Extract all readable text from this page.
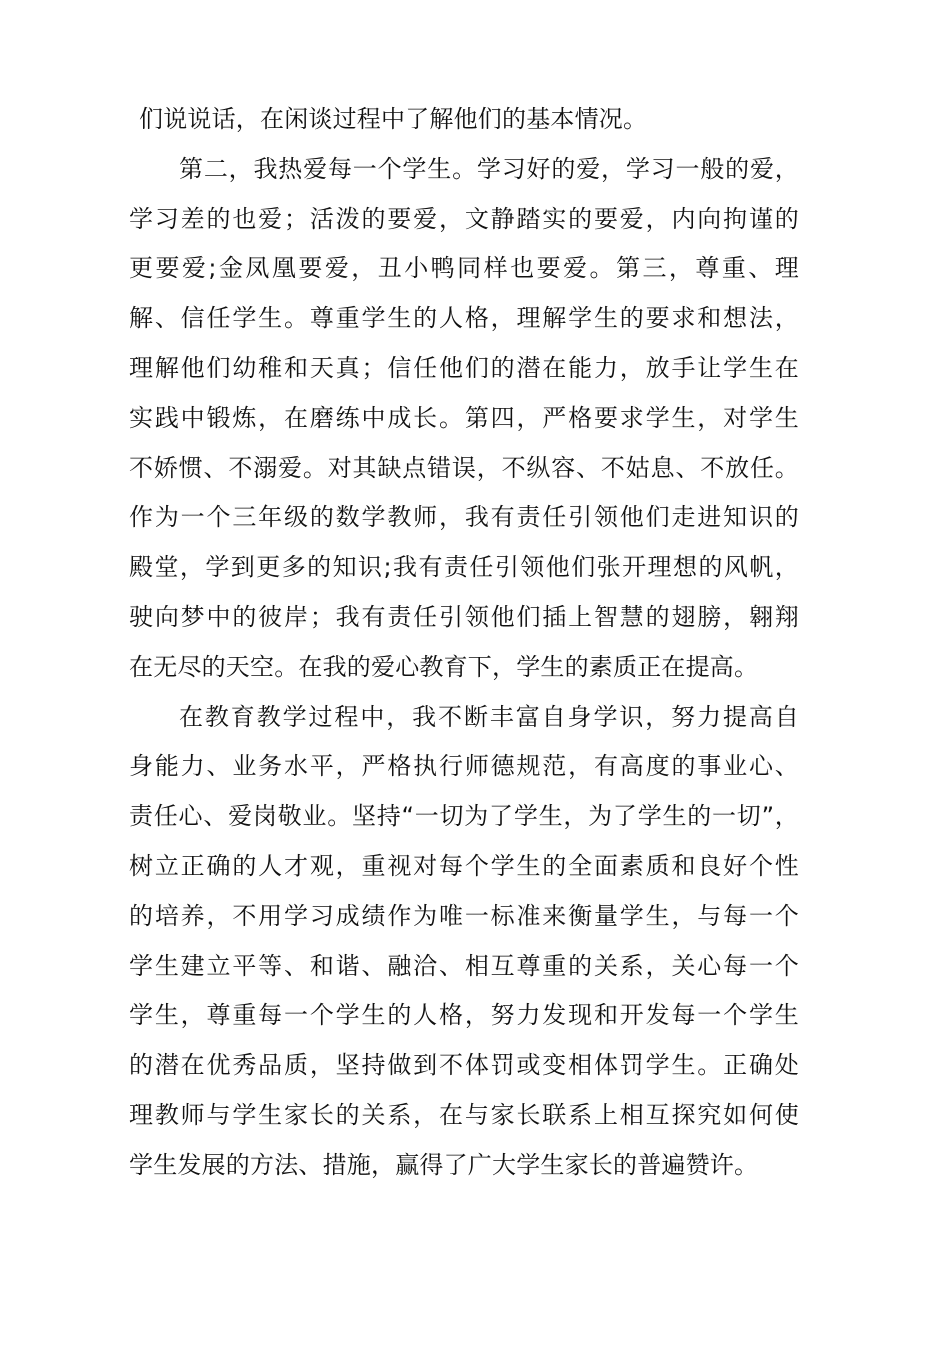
们说说话，在闲谈过程中了解他们的基本情况。
第二，我热爱每一个学生。学习好的爱，学习一般的爱，
学习差的也爱；活泼的要爱，文静踏实的要爱，内向拘谨的
更要爱;金凤凰要爱，丑小鸭同样也要爱。第三，尊重、理
解、信任学生。尊重学生的人格，理解学生的要求和想法，
理解他们幼稚和天真；信任他们的潜在能力，放手让学生在
实践中锻炼，在磨练中成长。第四，严格要求学生，对学生
不娇惯、不溺爱。对其缺点错误，不纵容、不姑息、不放任。
作为一个三年级的数学教师，我有责任引领他们走进知识的
殿堂，学到更多的知识;我有责任引领他们张开理想的风帆，
驶向梦中的彼岸；我有责任引领他们插上智慧的翅膀，翱翔
在无尽的天空。在我的爱心教育下，学生的素质正在提高。
在教育教学过程中，我不断丰富自身学识，努力提高自
身能力、业务水平，严格执行师德规范，有高度的事业心、
责任心、爱岗敬业。坚持“一切为了学生，为了学生的一切”，
树立正确的人才观，重视对每个学生的全面素质和良好个性
的培养，不用学习成绩作为唯一标准来衡量学生，与每一个
学生建立平等、和谐、融洽、相互尊重的关系，关心每一个
学生，尊重每一个学生的人格，努力发现和开发每一个学生
的潜在优秀品质，坚持做到不体罚或变相体罚学生。正确处
理教师与学生家长的关系，在与家长联系上相互探究如何使
学生发展的方法、措施，赢得了广大学生家长的普遍赞许。
